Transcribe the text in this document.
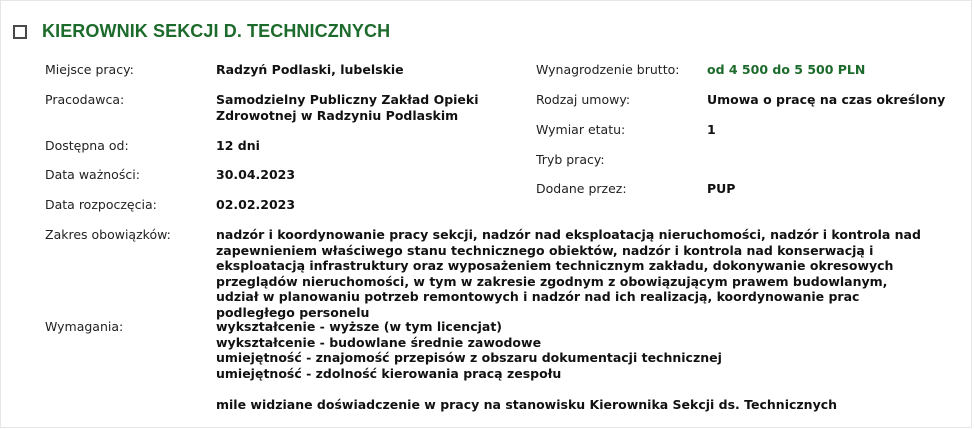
KIEROWNIK SEKCJI D. TECHNICZNYCH
Miejsce pracy:	Radzyń Podlaski, lubelskie
Pracodawca:	Samodzielny Publiczny Zakład Opieki Zdrowotnej w Radzyniu Podlaskim
Dostępna od:	12 dni
Data ważności:	30.04.2023
Data rozpoczęcia:	02.02.2023
Wynagrodzenie brutto: od 4 500 do 5 500 PLN
Rodzaj umowy:	Umowa o pracę na czas określony
Wymiar etatu:	1
Tryb pracy:
Dodane przez:	PUP
Zakres obowiązków:	nadzór i koordynowanie pracy sekcji, nadzór nad eksploatacją nieruchomości, nadzór i kontrola nad zapewnieniem właściwego stanu technicznego obiektów, nadzór i kontrola nad konserwacją i eksploatacją infrastruktury oraz wyposażeniem technicznym zakładu, dokonywanie okresowych przeglądów nieruchomości, w tym w zakresie zgodnym z obowiązującym prawem budowlanym, udział w planowaniu potrzeb remontowych i nadzór nad ich realizacją, koordynowanie prac podległego personelu
Wymagania:	wykształcenie - wyższe (w tym licencjat)
wykształcenie - budowlane średnie zawodowe
umiejętność - znajomość przepisów z obszaru dokumentacji technicznej
umiejętność - zdolność kierowania pracą zespołu
mile widziane doświadczenie w pracy na stanowisku Kierownika Sekcji ds. Technicznych
